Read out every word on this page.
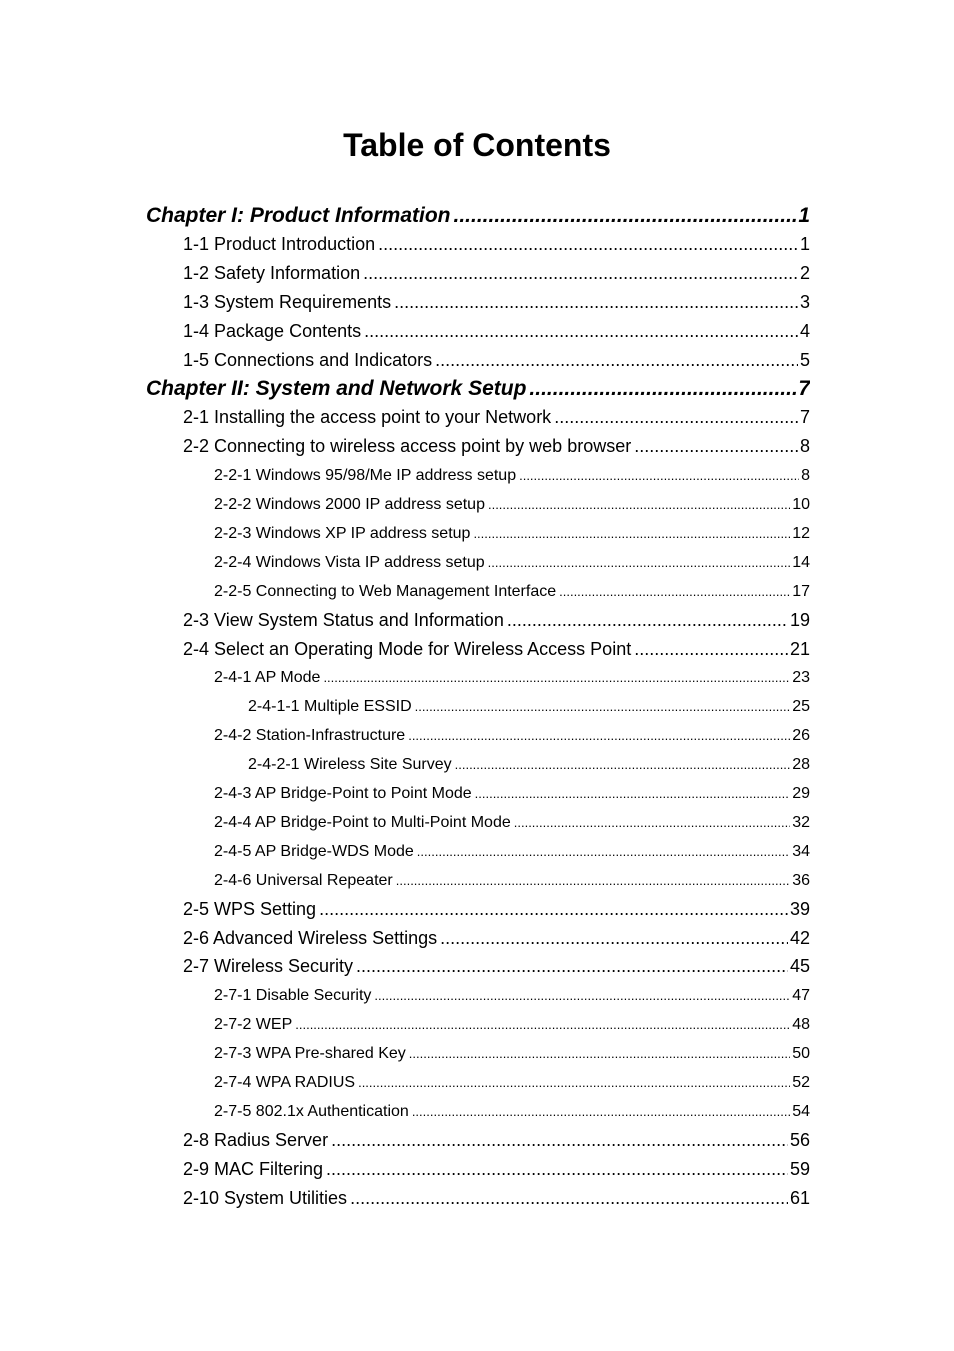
Table of Contents
Chapter I: Product Information .....	1
1-1 Product Introduction .....	1
1-2 Safety Information .....	2
1-3 System Requirements .....	3
1-4 Package Contents .....	4
1-5 Connections and Indicators .....	5
Chapter II: System and Network Setup .....	7
2-1 Installing the access point to your Network .....	7
2-2 Connecting to wireless access point by web browser .....	8
2-2-1 Windows 95/98/Me IP address setup .....	8
2-2-2 Windows 2000 IP address setup .....	10
2-2-3 Windows XP IP address setup .....	12
2-2-4 Windows Vista IP address setup .....	14
2-2-5 Connecting to Web Management Interface .....	17
2-3 View System Status and Information .....	19
2-4 Select an Operating Mode for Wireless Access Point .....	21
2-4-1 AP Mode .....	23
2-4-1-1 Multiple ESSID .....	25
2-4-2 Station-Infrastructure .....	26
2-4-2-1 Wireless Site Survey .....	28
2-4-3 AP Bridge-Point to Point Mode .....	29
2-4-4 AP Bridge-Point to Multi-Point Mode .....	32
2-4-5 AP Bridge-WDS Mode .....	34
2-4-6 Universal Repeater .....	36
2-5 WPS Setting .....	39
2-6 Advanced Wireless Settings .....	42
2-7 Wireless Security .....	45
2-7-1 Disable Security .....	47
2-7-2 WEP .....	48
2-7-3 WPA Pre-shared Key .....	50
2-7-4 WPA RADIUS .....	52
2-7-5 802.1x Authentication .....	54
2-8 Radius Server .....	56
2-9 MAC Filtering .....	59
2-10 System Utilities .....	61
